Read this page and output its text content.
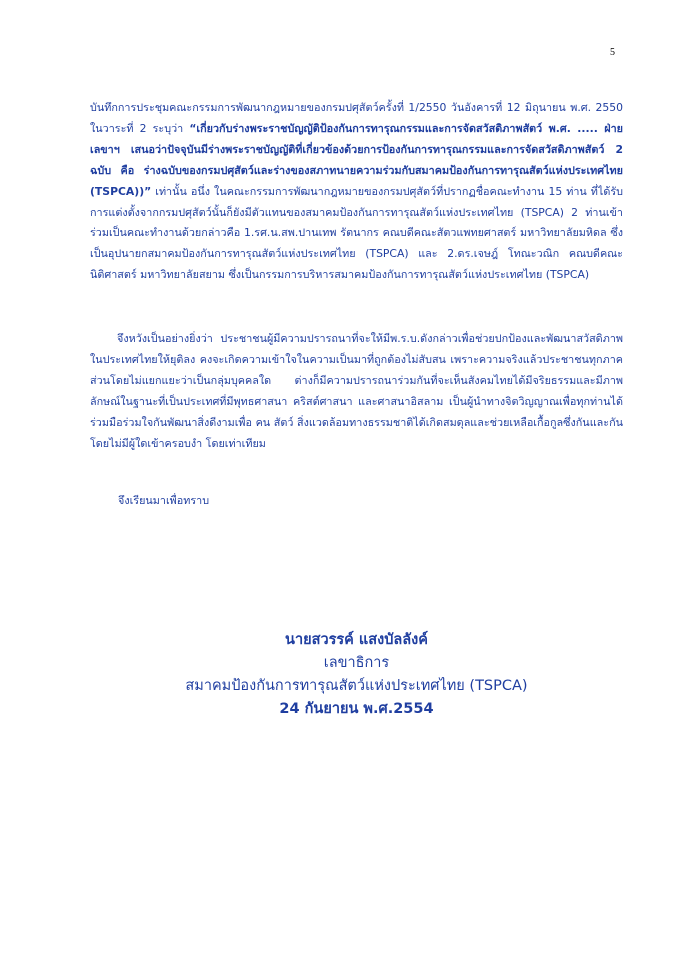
5
บันทึกการประชุมคณะกรรมการพัฒนากฎหมายของกรมปศุสัตว์ครั้งที่ 1/2550 วันอังคารที่ 12 มิถุนายน พ.ศ. 2550 ในวาระที่ 2 ระบุว่า “เกี่ยวกับร่างพระราชบัญญัติป้องกันการทารุณกรรมและการจัดสวัสดิภาพสัตว์ พ.ศ. ..... ฝ่ายเลขาฯ เสนอว่าปัจจุบันมีร่างพระราชบัญญัติที่เกี่ยวข้องด้วยการป้องกันการทารุณกรรมและการจัดสวัสดิภาพสัตว์ 2 ฉบับ คือ ร่างฉบับของกรมปศุสัตว์และร่างของสภาทนายความร่วมกับสมาคมป้องกันการทารุณสัตว์แห่งประเทศไทย (TSPCA))” เท่านั้น อนึ่ง ในคณะกรรมการพัฒนากฎหมายของกรมปศุสัตว์ที่ปรากฏชื่อคณะทำงาน 15 ท่าน ที่ได้รับการแต่งตั้งจากกรมปศุสัตว์นั้นก็ยังมีตัวแทนของสมาคมป้องกันการทารุณสัตว์แห่งประเทศไทย (TSPCA) 2 ท่านเข้าร่วมเป็นคณะทำงานด้วยกล่าวคือ 1.รศ.น.สพ.ปานเทพ รัตนากร คณบดีคณะสัตวแพทยศาสตร์ มหาวิทยาลัยมหิดล ซึ่งเป็นอุปนายกสมาคมป้องกันการทารุณสัตว์แห่งประเทศไทย (TSPCA) และ 2.ดร.เจษฎ์ โทณะวณิก คณบดีคณะนิติศาสตร์ มหาวิทยาลัยสยาม ซึ่งเป็นกรรมการบริหารสมาคมป้องกันการทารุณสัตว์แห่งประเทศไทย (TSPCA)
จึงหวังเป็นอย่างยิ่งว่า ประชาชนผู้มีความปรารถนาที่จะให้มีพ.ร.บ.ดังกล่าวเพื่อช่วยปกป้องและพัฒนาสวัสดิภาพในประเทศไทยให้ยุติลง คงจะเกิดความเข้าใจในความเป็นมาที่ถูกต้องไม่สับสน เพราะความจริงแล้วประชาชนทุกภาคส่วนโดยไม่แยกแยะว่าเป็นกลุ่มบุคคลใด ต่างก็มีความปรารถนาร่วมกันที่จะเห็นสังคมไทยได้มีจริยธรรมและมีภาพลักษณ์ในฐานะที่เป็นประเทศที่มีพุทธศาสนา คริสต์ศาสนา และศาสนาอิสลาม เป็นผู้นำทางจิตวิญญาณเพื่อทุกท่านได้ร่วมมือร่วมใจกันพัฒนาสิ่งดีงามเพื่อ คน สัตว์ สิ่งแวดล้อมทางธรรมชาติได้เกิดสมดุลและช่วยเหลือเกื้อกูลซึ่งกันและกัน โดยไม่มีผู้ใดเข้าครอบงำ โดยเท่าเทียม
จึงเรียนมาเพื่อทราบ
นายสวรรค์ แสงบัลลังค์
เลขาธิการ
สมาคมป้องกันการทารุณสัตว์แห่งประเทศไทย (TSPCA)
24 กันยายน พ.ศ.2554
